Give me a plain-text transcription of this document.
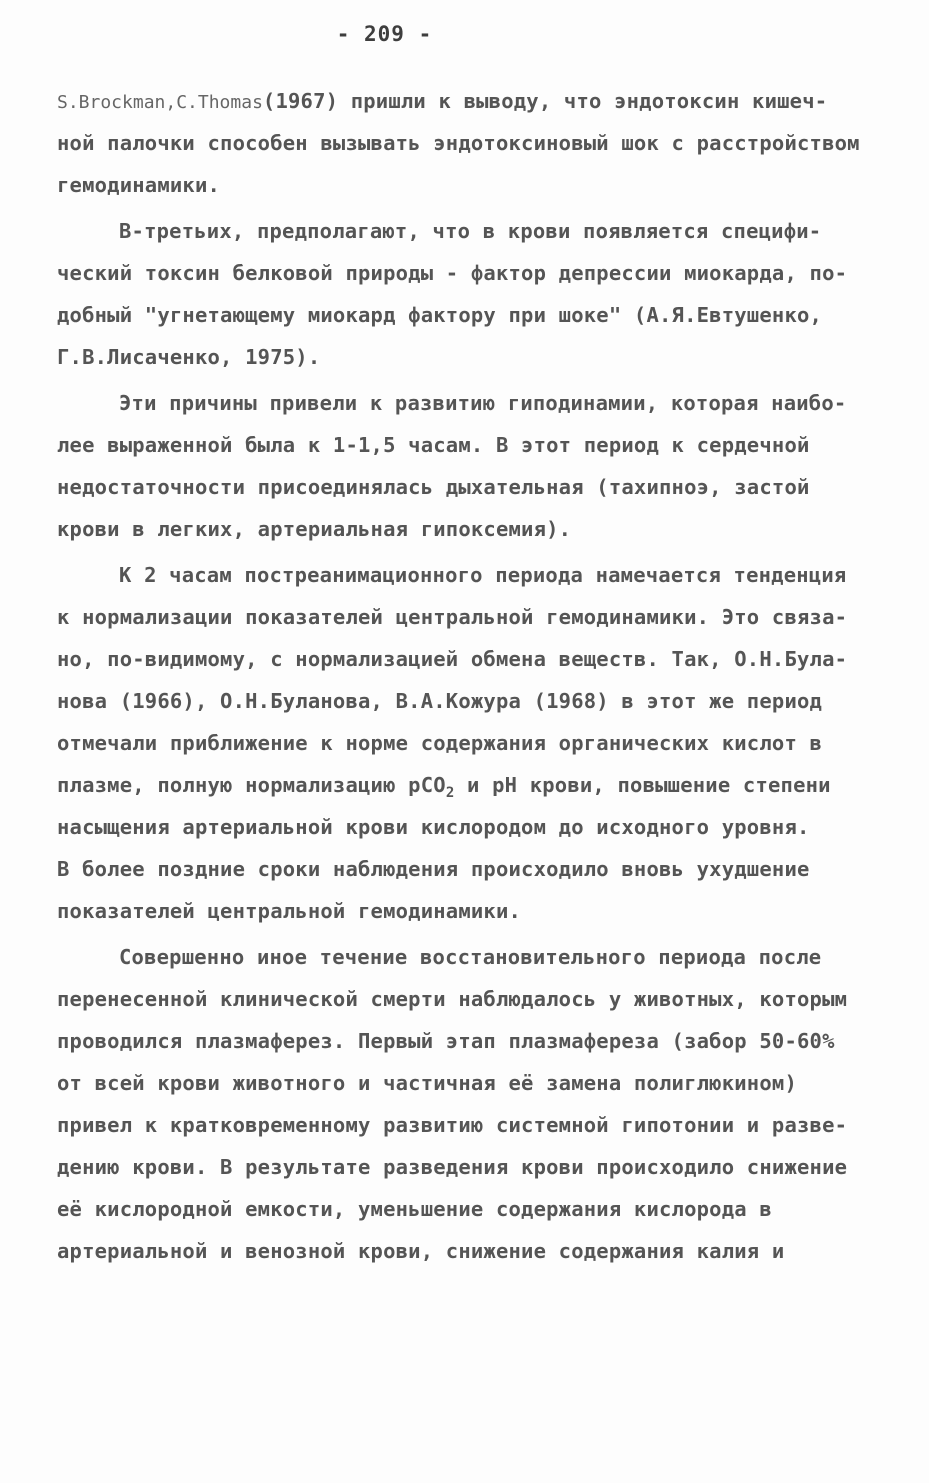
- 209 -
S.Brockman,C.Thomas(1967) пришли к выводу, что эндотоксин кишеч-
ной палочки способен вызывать эндотоксиновый шок с расстройством
гемодинамики.
В-третьих, предполагают, что в крови появляется специфи-
ческий токсин белковой природы - фактор депрессии миокарда, по-
добный "угнетающему миокард фактору при шоке" (А.Я.Евтушенко,
Г.В.Лисаченко, 1975).
Эти причины привели к развитию гиподинамии, которая наибо-
лее выраженной была к 1-1,5 часам. В этот период к сердечной
недостаточности присоединялась дыхательная (тахипноэ, застой
крови в легких, артериальная гипоксемия).
К 2 часам постреанимационного периода намечается тенденция
к нормализации показателей центральной гемодинамики. Это связа-
но, по-видимому, с нормализацией обмена веществ. Так, О.Н.Була-
нова (1966), О.Н.Буланова, В.А.Кожура (1968) в этот же период
отмечали приближение к норме содержания органических кислот в
плазме, полную нормализацию pCO$_2$ и pH крови, повышение степени
насыщения артериальной крови кислородом до исходного уровня.
В более поздние сроки наблюдения происходило вновь ухудшение
показателей центральной гемодинамики.
Совершенно иное течение восстановительного периода после
перенесенной клинической смерти наблюдалось у животных, которым
проводился плазмаферез. Первый этап плазмафереза (забор 50-60%
от всей крови животного и частичная её замена полиглюкином)
привел к кратковременному развитию системной гипотонии и разве-
дению крови. В результате разведения крови происходило снижение
её кислородной емкости, уменьшение содержания кислорода в
артериальной и венозной крови, снижение содержания калия и
